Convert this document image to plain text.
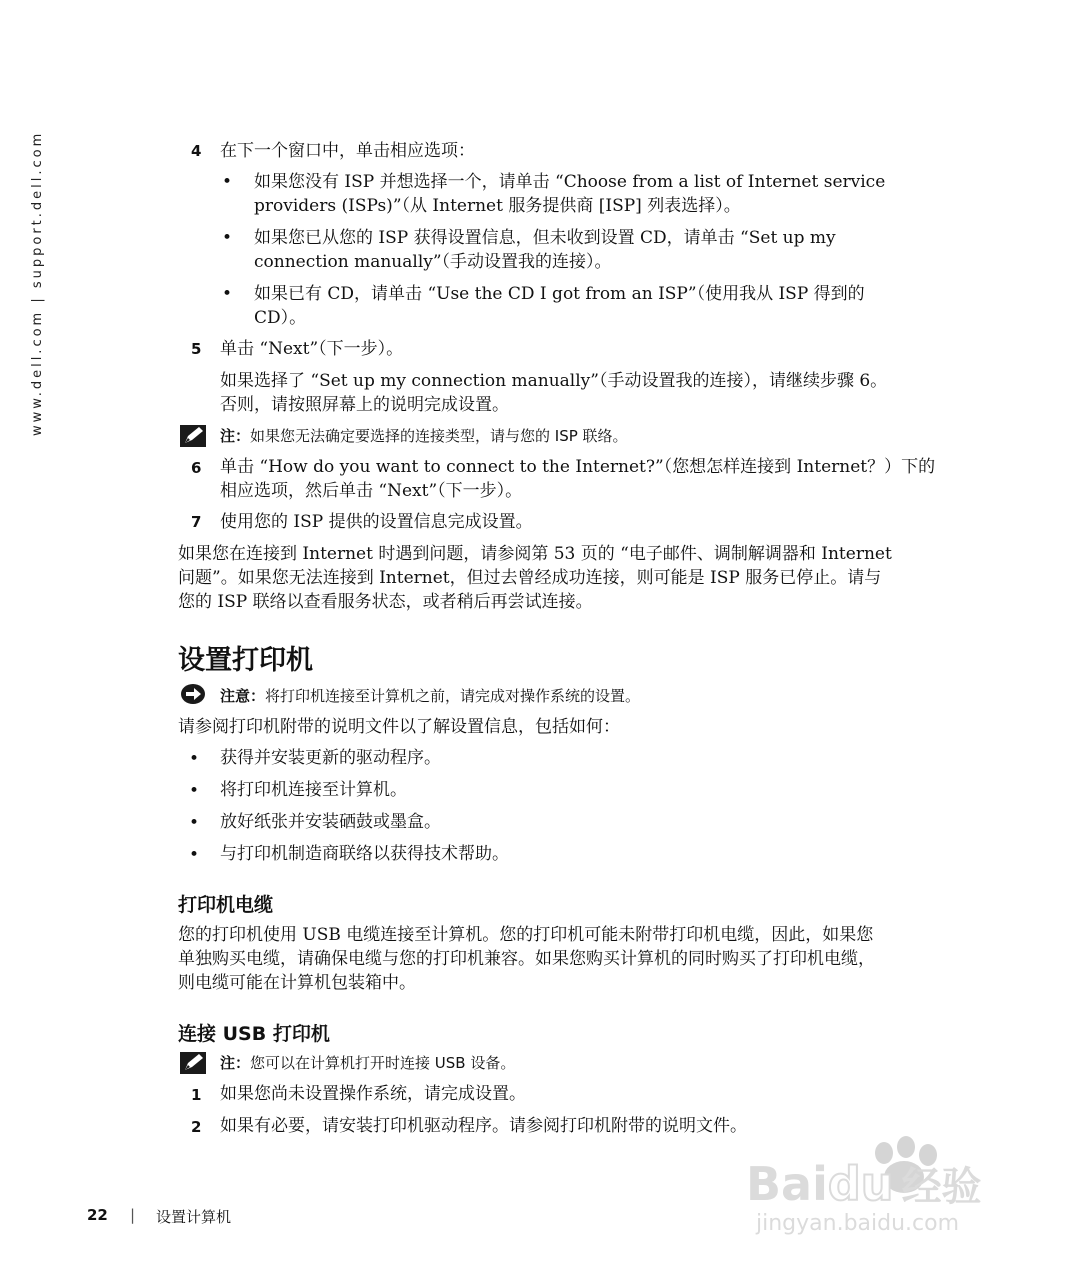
www.dell.com | support.dell.com	4 在下一个窗口中，单击相应选项：
• 如果您没有 ISP 并想选择一个，请单击 “Choose from a list of Internet service
providers (ISPs)”（从 Internet 服务提供商 [ISP] 列表选择）。
• 如果您已从您的 ISP 获得设置信息，但未收到设置 CD，请单击 “Set up my
connection manually”（手动设置我的连接）。
• 如果已有 CD，请单击 “Use the CD I got from an ISP”（使用我从 ISP 得到的
CD）。
5 单击 “Next”（下一步）。
如果选择了 “Set up my connection manually”（手动设置我的连接），请继续步骤 6。
否则，请按照屏幕上的说明完成设置。
注：如果您无法确定要选择的连接类型，请与您的 ISP 联络。
6 单击 “How do you want to connect to the Internet?”（您想怎样连接到 Internet？）下的
相应选项，然后单击 “Next”（下一步）。
7 使用您的 ISP 提供的设置信息完成设置。
如果您在连接到 Internet 时遇到问题，请参阅第 53 页的 “电子邮件、调制解调器和 Internet
问题”。如果您无法连接到 Internet，但过去曾经成功连接，则可能是 ISP 服务已停止。请与
您的 ISP 联络以查看服务状态，或者稍后再尝试连接。
设置打印机
注意：将打印机连接至计算机之前，请完成对操作系统的设置。
请参阅打印机附带的说明文件以了解设置信息，包括如何：
• 获得并安装更新的驱动程序。
• 将打印机连接至计算机。
• 放好纸张并安装硒鼓或墨盒。
• 与打印机制造商联络以获得技术帮助。
打印机电缆
您的打印机使用 USB 电缆连接至计算机。您的打印机可能未附带打印机电缆，因此，如果您
单独购买电缆，请确保电缆与您的打印机兼容。如果您购买计算机的同时购买了打印机电缆，
则电缆可能在计算机包装箱中。
连接 USB 打印机
注：您可以在计算机打开时连接 USB 设备。
1 如果您尚未设置操作系统，请完成设置。
2 如果有必要，请安装打印机驱动程序。请参阅打印机附带的说明文件。
22 | 设置计算机
Baidu 经验
jingyan.baidu.com
